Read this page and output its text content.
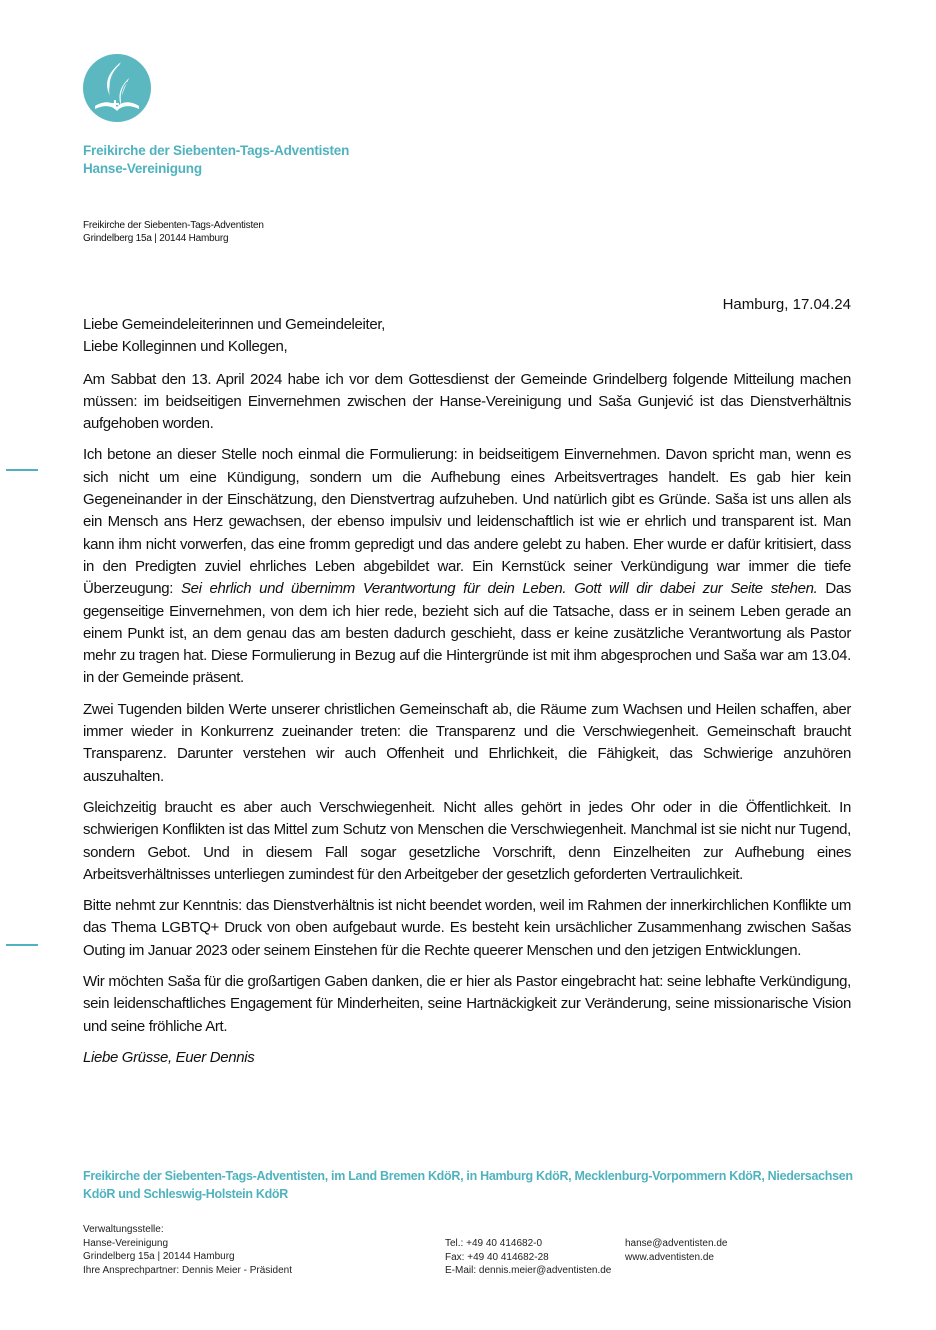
Freikirche der Siebenten-Tags-Adventisten
Hanse-Vereinigung
Freikirche der Siebenten-Tags-Adventisten
Grindelberg 15a | 20144 Hamburg
Hamburg, 17.04.24

Liebe Gemeindeleiterinnen und Gemeindeleiter,

Liebe Kolleginnen und Kollegen,

Am Sabbat den 13. April 2024 habe ich vor dem Gottesdienst der Gemeinde Grindelberg folgende Mitteilung machen müssen: im beidseitigen Einvernehmen zwischen der Hanse-Vereinigung und Saša Gunjević ist das Dienstverhältnis aufgehoben worden.

Ich betone an dieser Stelle noch einmal die Formulierung: in beidseitigem Einvernehmen. Davon spricht man, wenn es sich nicht um eine Kündigung, sondern um die Aufhebung eines Arbeitsvertrages handelt. Es gab hier kein Gegeneinander in der Einschätzung, den Dienstvertrag aufzuheben. Und natürlich gibt es Gründe. Saša ist uns allen als ein Mensch ans Herz gewachsen, der ebenso impulsiv und leidenschaftlich ist wie er ehrlich und transparent ist. Man kann ihm nicht vorwerfen, das eine fromm gepredigt und das andere gelebt zu haben. Eher wurde er dafür kritisiert, dass in den Predigten zuviel ehrliches Leben abgebildet war. Ein Kernstück seiner Verkündigung war immer die tiefe Überzeugung: Sei ehrlich und übernimm Verantwortung für dein Leben. Gott will dir dabei zur Seite stehen. Das gegenseitige Einvernehmen, von dem ich hier rede, bezieht sich auf die Tatsache, dass er in seinem Leben gerade an einem Punkt ist, an dem genau das am besten dadurch geschieht, dass er keine zusätzliche Verantwortung als Pastor mehr zu tragen hat. Diese Formulierung in Bezug auf die Hintergründe ist mit ihm abgesprochen und Saša war am 13.04. in der Gemeinde präsent.

Zwei Tugenden bilden Werte unserer christlichen Gemeinschaft ab, die Räume zum Wachsen und Heilen schaffen, aber immer wieder in Konkurrenz zueinander treten: die Transparenz und die Verschwiegenheit. Gemeinschaft braucht Transparenz. Darunter verstehen wir auch Offenheit und Ehrlichkeit, die Fähigkeit, das Schwierige anzuhören auszuhalten.

Gleichzeitig braucht es aber auch Verschwiegenheit. Nicht alles gehört in jedes Ohr oder in die Öffentlichkeit. In schwierigen Konflikten ist das Mittel zum Schutz von Menschen die Verschwiegenheit. Manchmal ist sie nicht nur Tugend, sondern Gebot. Und in diesem Fall sogar gesetzliche Vorschrift, denn Einzelheiten zur Aufhebung eines Arbeitsverhältnisses unterliegen zumindest für den Arbeitgeber der gesetzlich geforderten Vertraulichkeit.

Bitte nehmt zur Kenntnis: das Dienstverhältnis ist nicht beendet worden, weil im Rahmen der innerkirchlichen Konflikte um das Thema LGBTQ+ Druck von oben aufgebaut wurde. Es besteht kein ursächlicher Zusammenhang zwischen Sašas Outing im Januar 2023 oder seinem Einstehen für die Rechte queerer Menschen und den jetzigen Entwicklungen.

Wir möchten Saša für die großartigen Gaben danken, die er hier als Pastor eingebracht hat: seine lebhafte Verkündigung, sein leidenschaftliches Engagement für Minderheiten, seine Hartnäckigkeit zur Veränderung, seine missionarische Vision und seine fröhliche Art.

Liebe Grüsse, Euer Dennis

Freikirche der Siebenten-Tags-Adventisten, im Land Bremen KdöR, in Hamburg KdöR, Mecklenburg-Vorpommern KdöR, Niedersachsen KdöR und Schleswig-Holstein KdöR
Verwaltungsstelle:
Hanse-Vereinigung
Grindelberg 15a | 20144 Hamburg
Ihre Ansprechpartner: Dennis Meier - Präsident
Tel.: +49 40 414682-0
Fax: +49 40 414682-28
E-Mail: dennis.meier@adventisten.de
hanse@adventisten.de
www.adventisten.de
